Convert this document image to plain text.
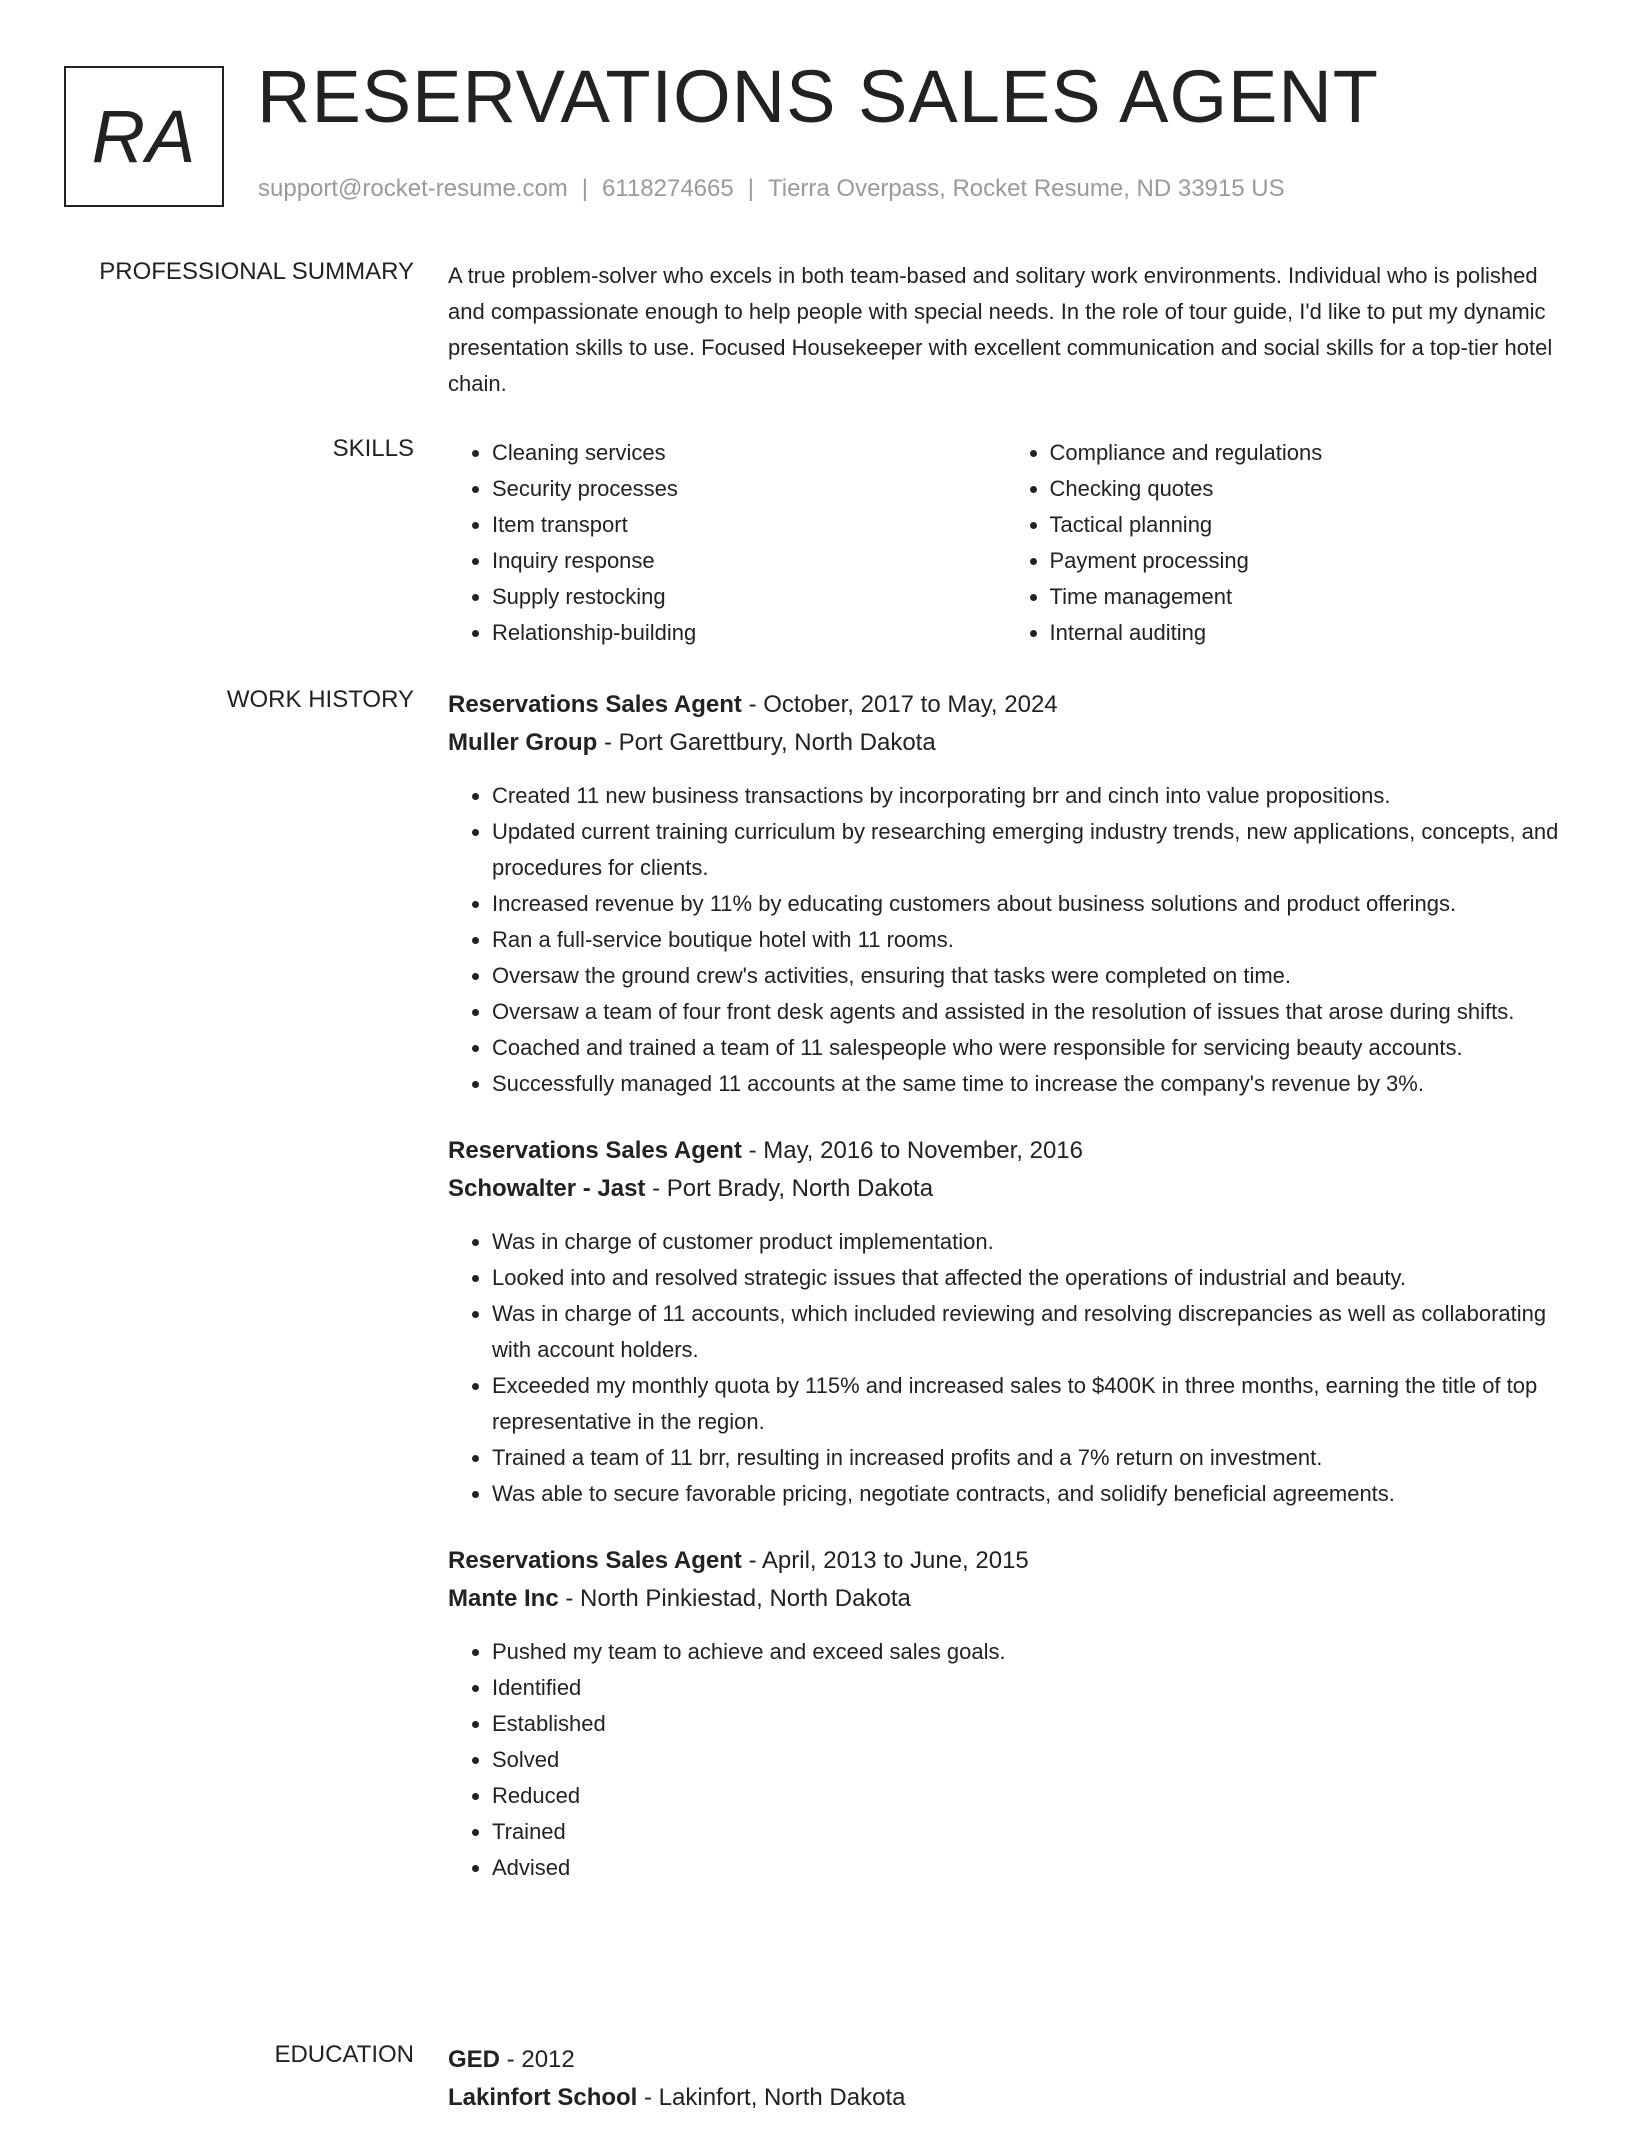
RA RESERVATIONS SALES AGENT
support@rocket-resume.com | 6118274665 | Tierra Overpass, Rocket Resume, ND 33915 US
PROFESSIONAL SUMMARY A true problem-solver who excels in both team-based and solitary work environments. Individual who is polished and compassionate enough to help people with special needs. In the role of tour guide, I'd like to put my dynamic presentation skills to use. Focused Housekeeper with excellent communication and social skills for a top-tier hotel chain.

SKILLS
•	Cleaning services
• Security processes
• Item transport
• Inquiry response
• Supply restocking
• Relationship-building
• Compliance and regulations
• Checking quotes
• Tactical planning
• Payment processing
• Time management
• Internal auditing
WORK HISTORY Reservations Sales Agent - October, 2017 to May, 2024
Muller Group - Port Garettbury, North Dakota
• Created 11 new business transactions by incorporating brr and cinch into value propositions.
• Updated current training curriculum by researching emerging industry trends, new applications, concepts, and procedures for clients.
• Increased revenue by 11% by educating customers about business solutions and product offerings.
• Ran a full-service boutique hotel with 11 rooms.
• Oversaw the ground crew's activities, ensuring that tasks were completed on time.
• Oversaw a team of four front desk agents and assisted in the resolution of issues that arose during shifts.
• Coached and trained a team of 11 salespeople who were responsible for servicing beauty accounts.
• Successfully managed 11 accounts at the same time to increase the company's revenue by 3%.
Reservations Sales Agent - May, 2016 to November, 2016
Schowalter - Jast - Port Brady, North Dakota
• Was in charge of customer product implementation.
• Looked into and resolved strategic issues that affected the operations of industrial and beauty.
• Was in charge of 11 accounts, which included reviewing and resolving discrepancies as well as collaborating with account holders.
• Exceeded my monthly quota by 115% and increased sales to $400K in three months, earning the title of top representative in the region.
• Trained a team of 11 brr, resulting in increased profits and a 7% return on investment.
• Was able to secure favorable pricing, negotiate contracts, and solidify beneficial agreements.
Reservations Sales Agent - April, 2013 to June, 2015
Mante Inc - North Pinkiestad, North Dakota
• Pushed my team to achieve and exceed sales goals.
• Identified
• Established
• Solved
• Reduced
• Trained
• Advised
EDUCATION GED - 2012
Lakinfort School - Lakinfort, North Dakota
